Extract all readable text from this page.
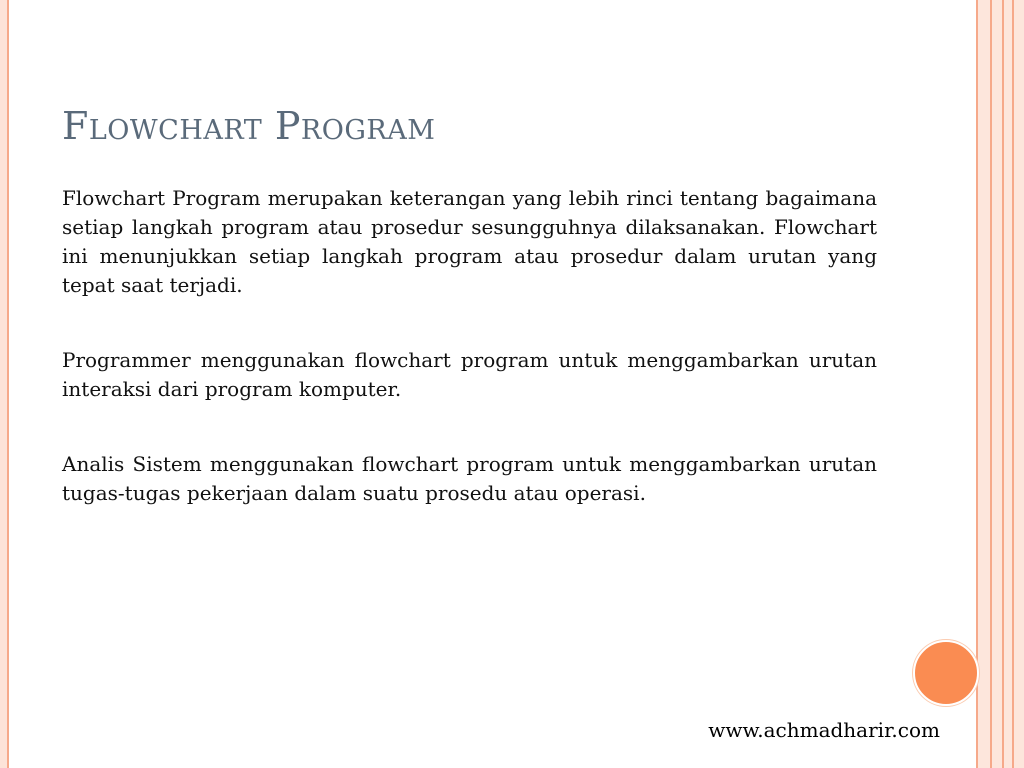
Flowchart Program

Flowchart Program merupakan keterangan yang lebih rinci tentang bagaimana setiap langkah program atau prosedur sesungguhnya dilaksanakan. Flowchart ini menunjukkan setiap langkah program atau prosedur dalam urutan yang tepat saat terjadi.

Programmer menggunakan flowchart program untuk menggambarkan urutan interaksi dari program komputer.

Analis Sistem menggunakan flowchart program untuk menggambarkan urutan tugas-tugas pekerjaan dalam suatu prosedu atau operasi.

www.achmadharir.com
